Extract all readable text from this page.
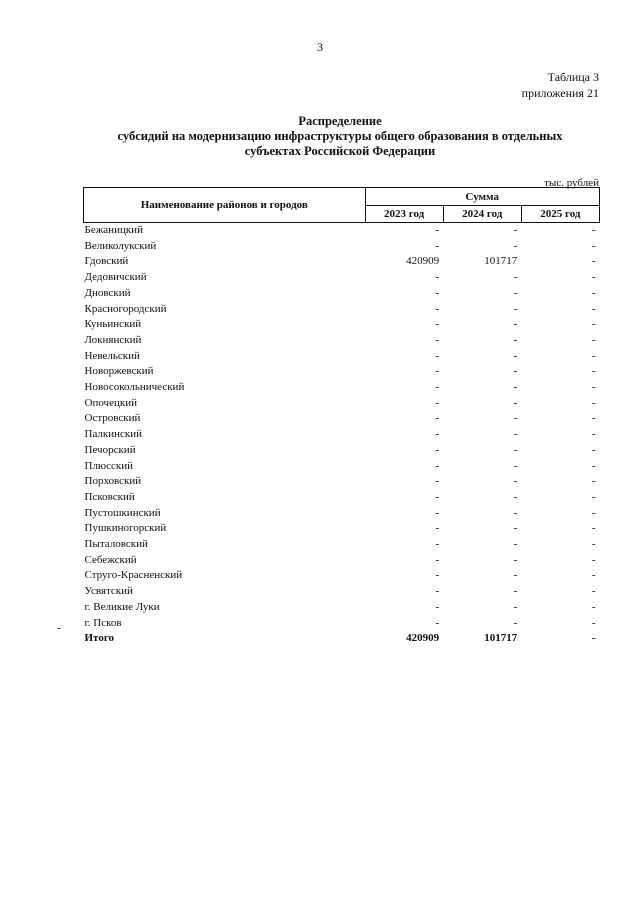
3
Таблица 3
приложения 21
Распределение
субсидий на модернизацию инфраструктуры общего образования в отдельных
субъектах Российской Федерации
тыс. рублей
-
Наименование районов и городов	Сумма		
	2023 год	2024 год	2025 год
Бежаницкий	-	-	-
Великолукский	-	-	-
Гдовский	420909	101717	-
Дедовичский	-	-	-
Дновский	-	-	-
Красногородский	-	-	-
Куньинский	-	-	-
Локнянский	-	-	-
Невельский	-	-	-
Новоржевский	-	-	-
Новосокольнический	-	-	-
Опочецкий	-	-	-
Островский	-	-	-
Палкинский	-	-	-
Печорский	-	-	-
Плюсский	-	-	-
Порховский	-	-	-
Псковский	-	-	-
Пустошкинский	-	-	-
Пушкиногорский	-	-	-
Пыталовский	-	-	-
Себежский	-	-	-
Струго-Красненский	-	-	-
Усвятский	-	-	-
г. Великие Луки	-	-	-
г. Псков	-	-	-
Итого	420909	101717	-
